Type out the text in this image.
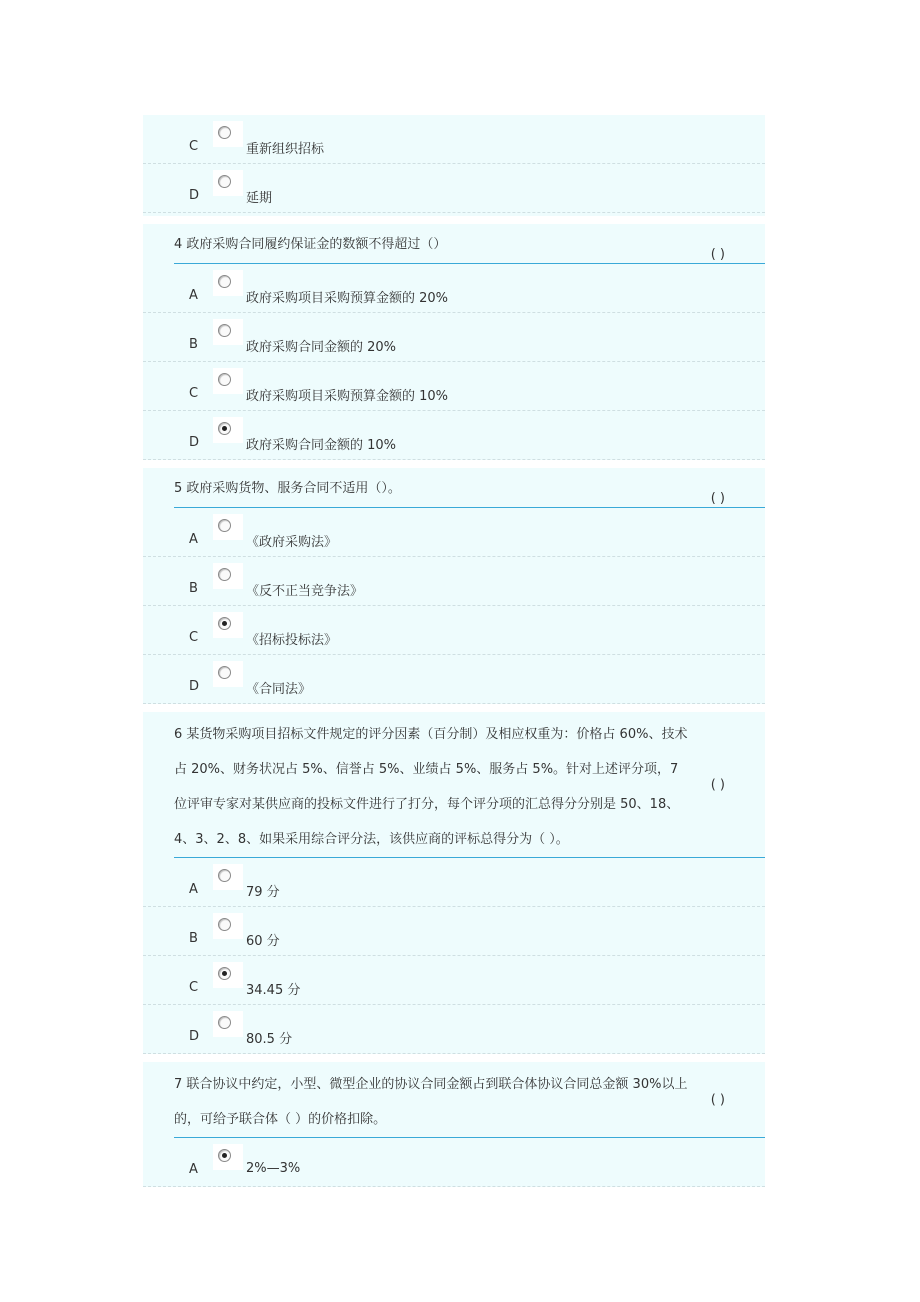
C	重新组织招标
D	延期
4 政府采购合同履约保证金的数额不得超过（）
( )
A	政府采购项目采购预算金额的 20%
B	政府采购合同金额的 20%
C	政府采购项目采购预算金额的 10%
D	政府采购合同金额的 10%
5 政府采购货物、服务合同不适用（）。
( )
A	《政府采购法》
B	《反不正当竞争法》
C	《招标投标法》
D	《合同法》
6 某货物采购项目招标文件规定的评分因素（百分制）及相应权重为：价格占 60%、技术占 20%、财务状况占 5%、信誉占 5%、业绩占 5%、服务占 5%。针对上述评分项，7 位评审专家对某供应商的投标文件进行了打分，每个评分项的汇总得分分别是 50、18、4、3、2、8、如果采用综合评分法，该供应商的评标总得分为（ ）。
( )
A	79 分
B	60 分
C	34.45 分
D	80.5 分
7 联合协议中约定，小型、微型企业的协议合同金额占到联合体协议合同总金额 30%以上的，可给予联合体（ ）的价格扣除。
( )
A	2%—3%
